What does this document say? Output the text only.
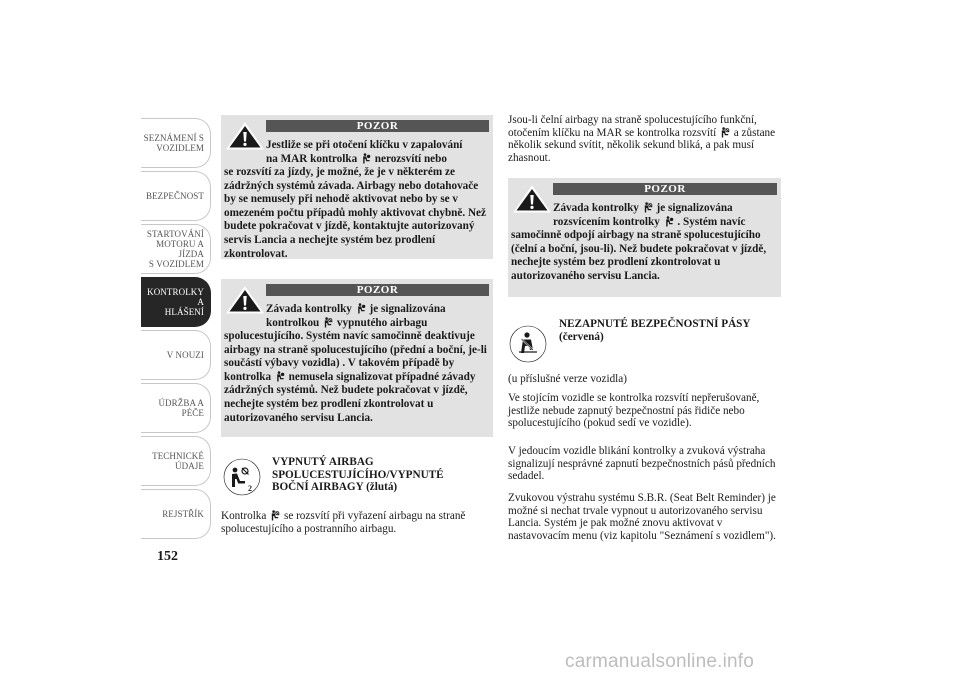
SEZNÁMENÍ S
VOZIDLEM
BEZPEČNOST
STARTOVÁNÍ
MOTORU A JÍZDA
S VOZIDLEM
KONTROLKY A
HLÁŠENÍ
V NOUZI
ÚDRŽBA A PÉČE
TECHNICKÉ
ÚDAJE
REJSTŘÍK
152
POZOR
Jestliže se při otočení klíčku v zapalování
na MAR kontrolka nerozsvítí nebo
se rozsvítí za jízdy, je možné, že je v některém ze zádržných systémů závada. Airbagy nebo dotahovače by se nemusely při nehodě aktivovat nebo by se v omezeném počtu případů mohly aktivovat chybně. Než budete pokračovat v jízdě, kontaktujte autorizovaný servis Lancia a nechejte systém bez prodlení zkontrolovat.
POZOR
Závada kontrolky je signalizována
kontrolkou vypnutého airbagu
spolucestujícího. Systém navíc samočinně deaktivuje airbagy na straně spolucestujícího (přední a boční, je-li součástí výbavy vozidla) . V takovém případě by kontrolka nemusela signalizovat případné závady zádržných systémů. Než budete pokračovat v jízdě, nechejte systém bez prodlení zkontrolovat u autorizovaného servisu Lancia.
2
VYPNUTÝ AIRBAG SPOLUCESTUJÍCÍHO/VYPNUTÉ BOČNÍ AIRBAGY (žlutá)
Kontrolka se rozsvítí při vyřazení airbagu na straně spolucestujícího a postranního airbagu.
Jsou-li čelní airbagy na straně spolucestujícího funkční, otočením klíčku na MAR se kontrolka rozsvítí a zůstane několik sekund svítit, několik sekund bliká, a pak musí zhasnout.
POZOR
Závada kontrolky je signalizována
rozsvícením kontrolky . Systém navíc
samočinně odpojí airbagy na straně spolucestujícího (čelní a boční, jsou-li). Než budete pokračovat v jízdě, nechejte systém bez prodlení zkontrolovat u autorizovaného servisu Lancia.
NEZAPNUTÉ BEZPEČNOSTNÍ PÁSY (červená)
(u příslušné verze vozidla)
Ve stojícím vozidle se kontrolka rozsvítí nepřerušovaně, jestliže nebude zapnutý bezpečnostní pás řidiče nebo spolucestujícího (pokud sedí ve vozidle).
V jedoucím vozidle blikání kontrolky a zvuková výstraha signalizují nesprávné zapnutí bezpečnostních pásů předních sedadel.
Zvukovou výstrahu systému S.B.R. (Seat Belt Reminder) je možné si nechat trvale vypnout u autorizovaného servisu Lancia. Systém je pak možné znovu aktivovat v nastavovacím menu (viz kapitolu "Seznámení s vozidlem").
carmanualsonline.info
